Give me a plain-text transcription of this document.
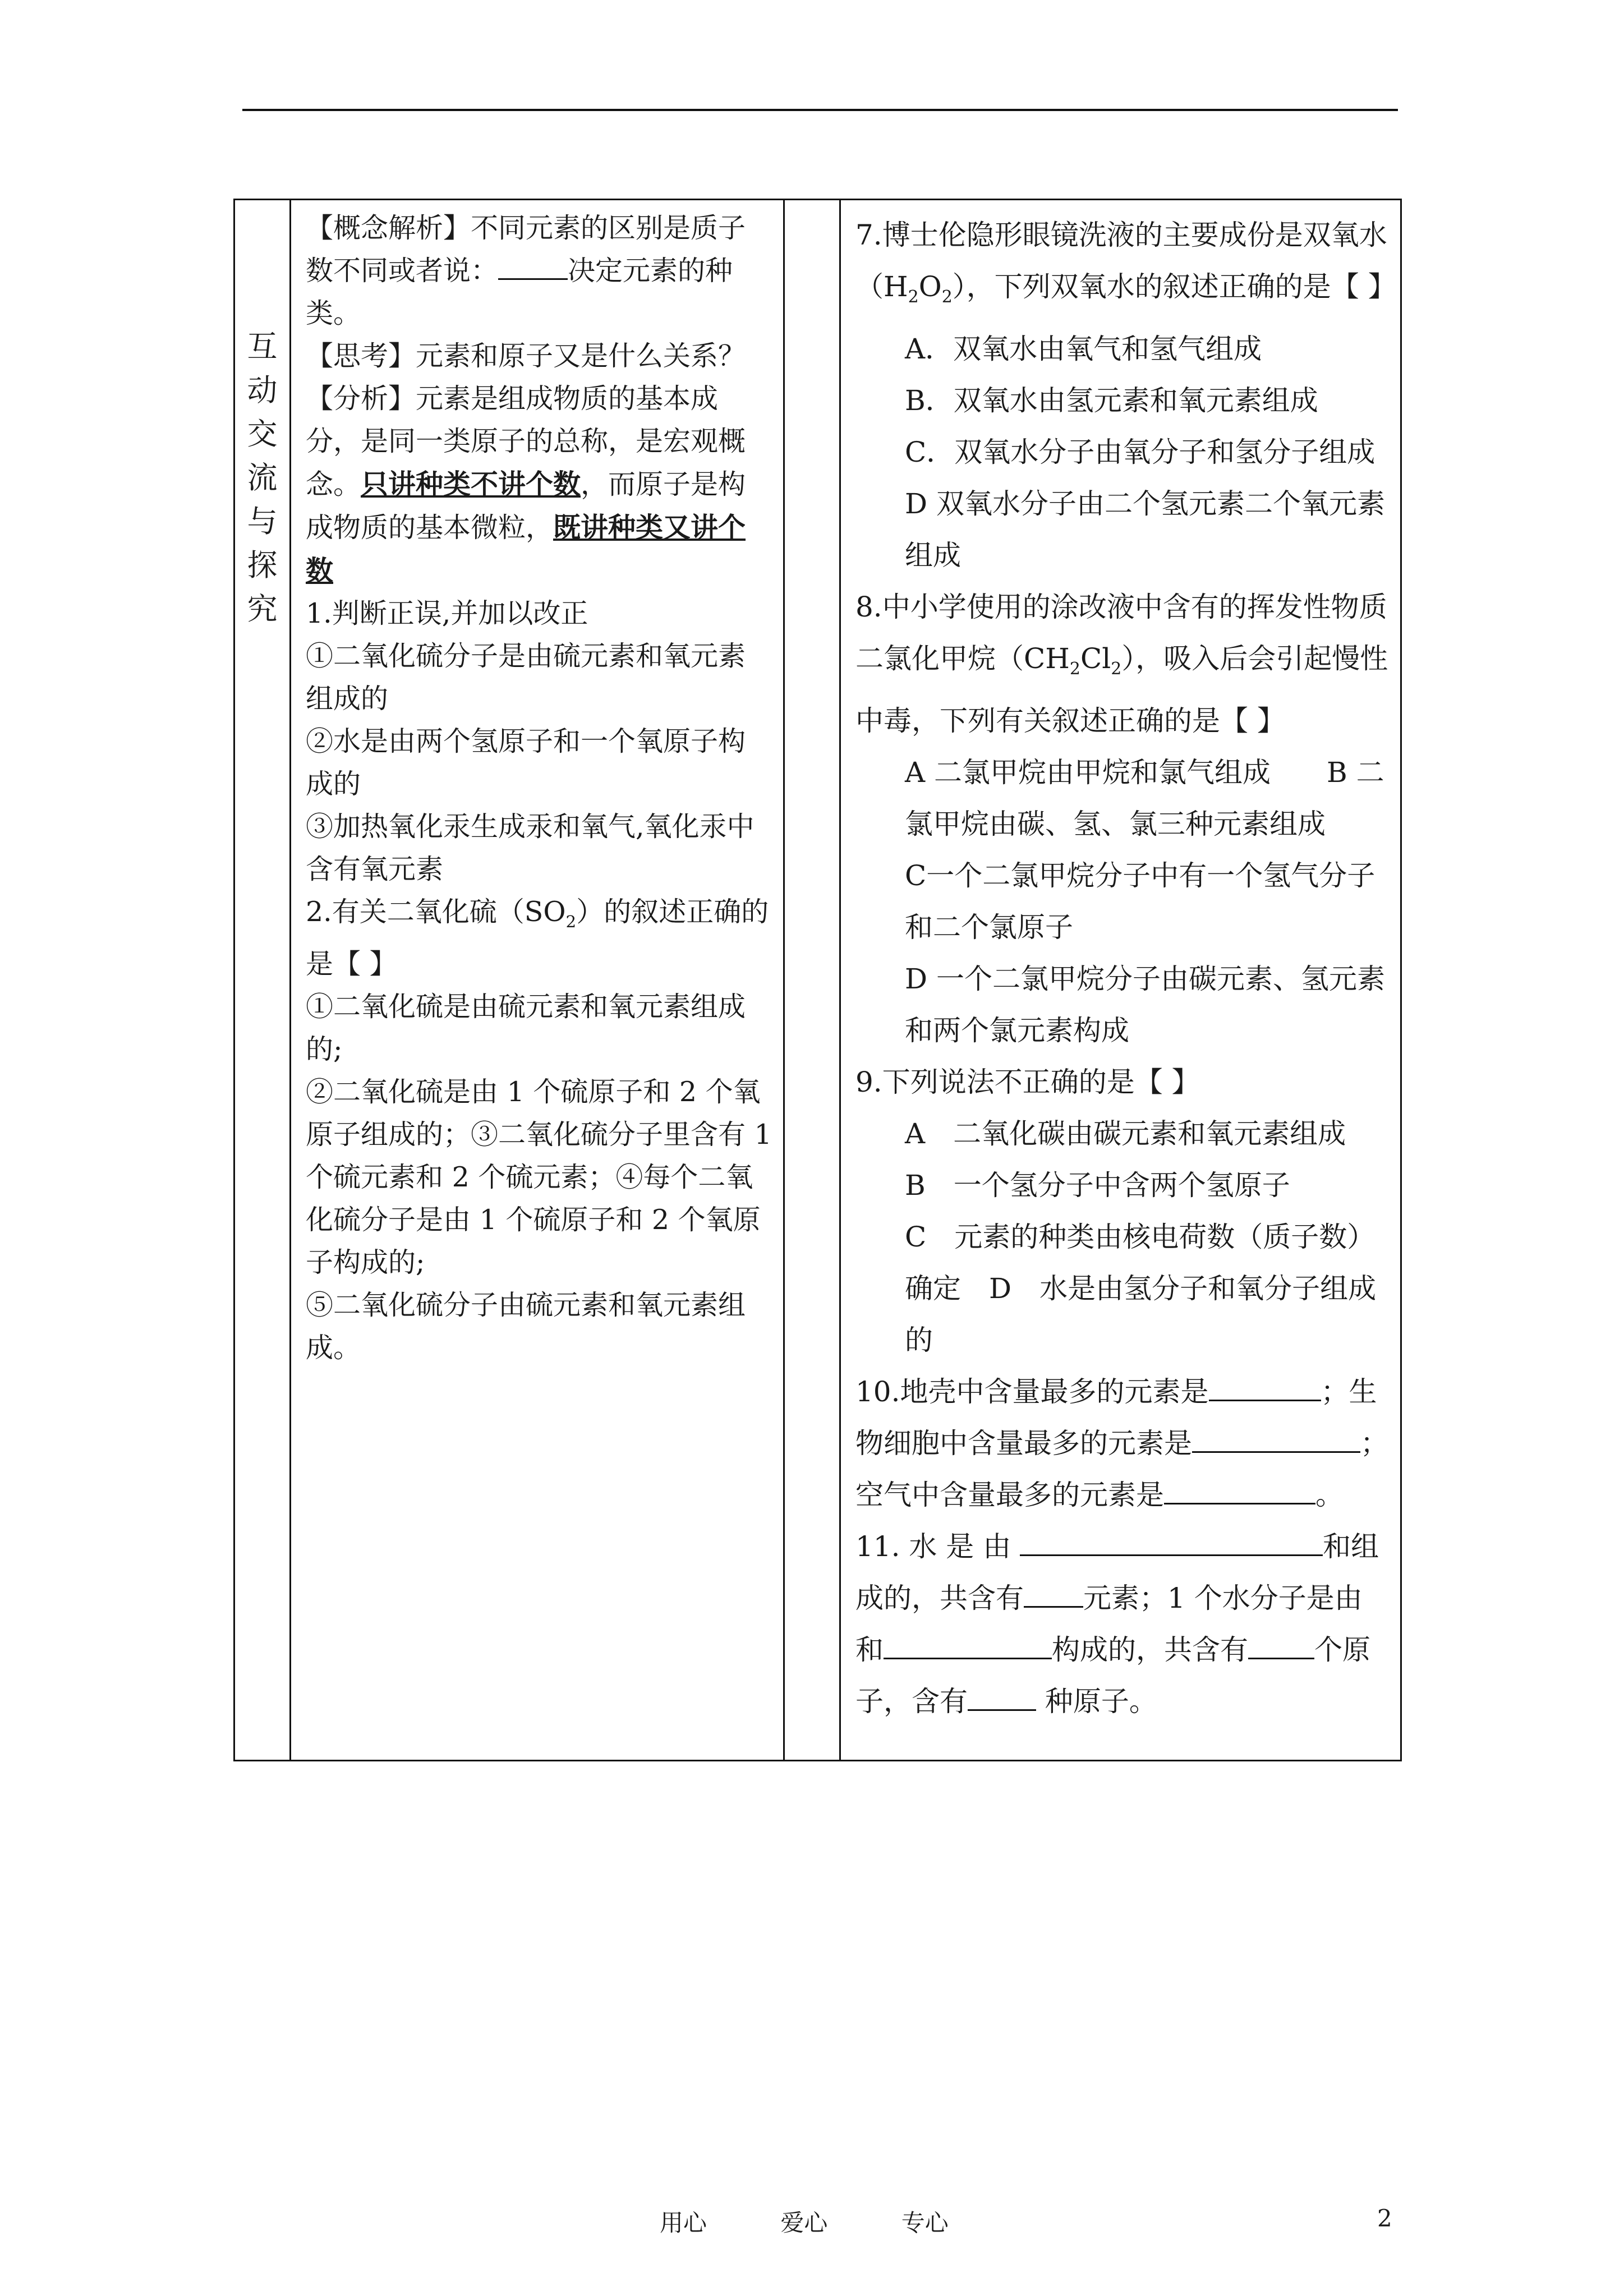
互
动
交
流
与
探
究

【概念解析】不同元素的区别是质子数不同或者说：	决定元素的种类。

【思考】元素和原子又是什么关系？

【分析】元素是组成物质的基本成分，是同一类原子的总称，是宏观概念。只讲种类不讲个数，而原子是构成物质的基本微粒，既讲种类又讲个数

1.判断正误,并加以改正

①二氧化硫分子是由硫元素和氧元素组成的

②水是由两个氢原子和一个氧原子构成的

③加热氧化汞生成汞和氧气,氧化汞中含有氧元素

2.有关二氧化硫$(SO_2)$的叙述正确的是【 】

①二氧化硫是由硫元素和氧元素组成的;

②二氧化硫是由 1 个硫原子和 2 个氧原子组成的；③二氧化硫分子里含有 1 个硫元素和 2 个硫元素；④每个二氧化硫分子是由 1 个硫原子和 2 个氧原子构成的;

⑤二氧化硫分子由硫元素和氧元素组成。

7.博士伦隐形眼镜洗液的主要成份是双氧水$(H_2O_2)$，下列双氧水的叙述正确的是【 】

A．双氧水由氧气和氢气组成

B．双氧水由氢元素和氧元素组成

C．双氧水分子由氧分子和氢分子组成

D 双氧水分子由二个氢元素二个氧元素组成

8.中小学使用的涂改液中含有的挥发性物质二氯化甲烷$(CH_2Cl_2)$，吸入后会引起慢性中毒，下列有关叙述正确的是【 】

A 二氯甲烷由甲烷和氯气组成　　B 二氯甲烷由碳、氢、氯三种元素组成

C一个二氯甲烷分子中有一个氢气分子和二个氯原子

D 一个二氯甲烷分子由碳元素、氢元素和两个氯元素构成

9.下列说法不正确的是【 】

A　二氧化碳由碳元素和氧元素组成

B　一个氢分子中含两个氢原子

C　元素的种类由核电荷数（质子数）确定　D　水是由氢分子和氧分子组成的

10.地壳中含量最多的元素是	；生物细胞中含量最多的元素是	；空气中含量最多的元素是	。

11. 水 是 由	和组成的，共含有 元素；1 个水分子是由和	构成的，共含有 个原子，含有 种原子。

用心	爱心	专心	2
